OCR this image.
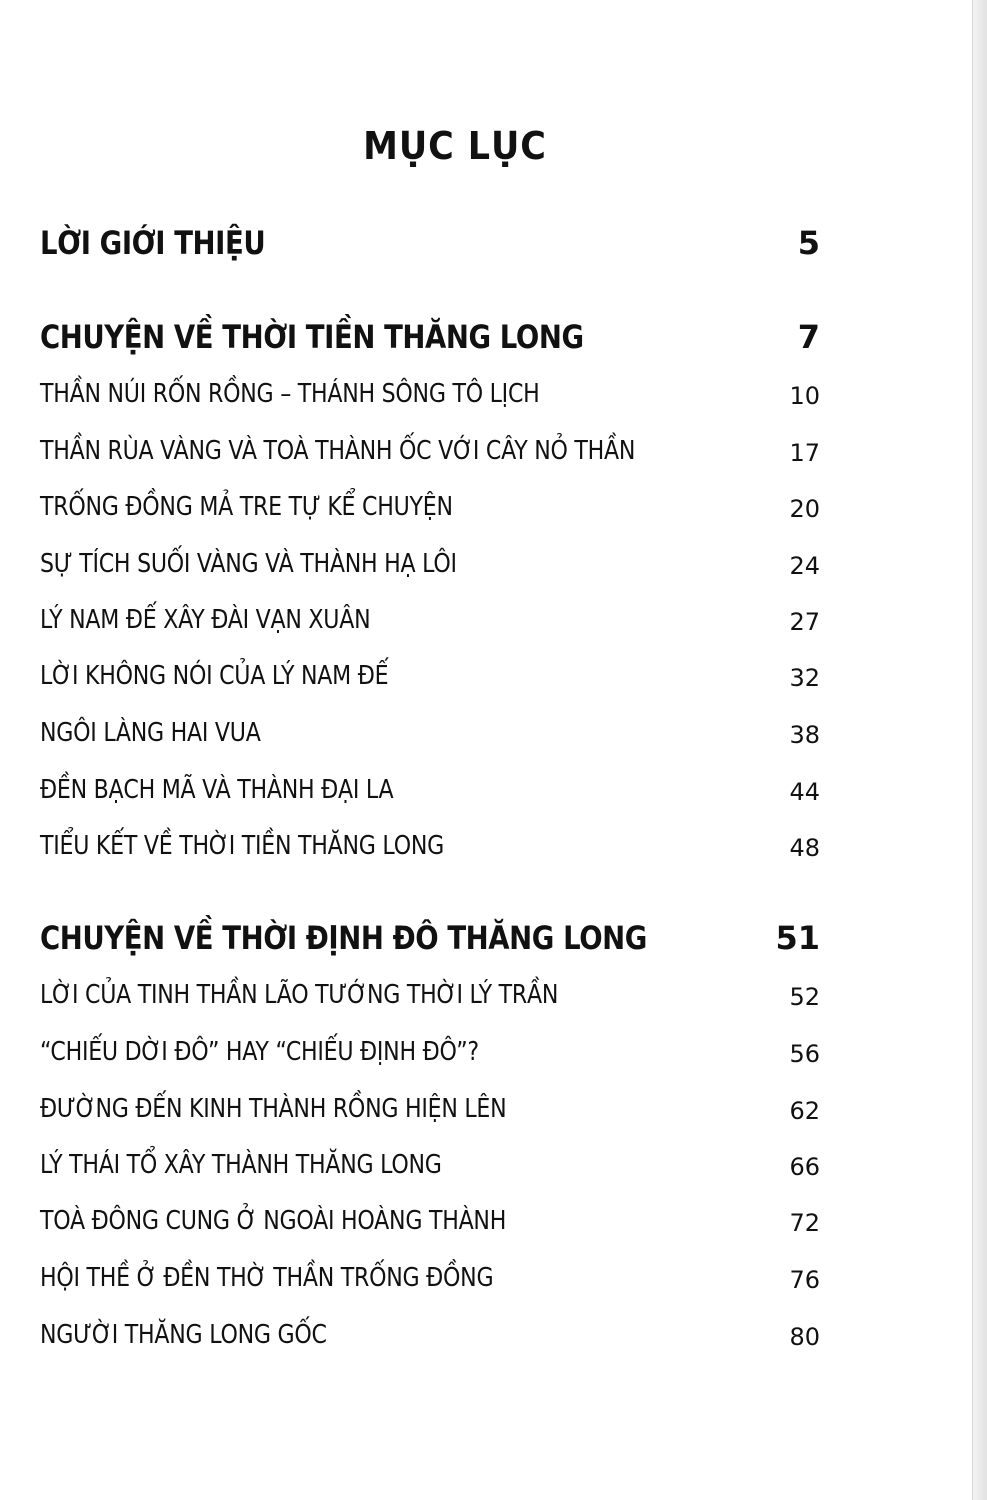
MỤC LỤC
LỜI GIỚI THIỆU	5
CHUYỆN VỀ THỜI TIỀN THĂNG LONG	7
THẦN NÚI RỐN RỒNG – THÁNH SÔNG TÔ LỊCH	10
THẦN RÙA VÀNG VÀ TOÀ THÀNH ỐC VỚI CÂY NỎ THẦN	17
TRỐNG ĐỒNG MẢ TRE TỰ KỂ CHUYỆN	20
SỰ TÍCH SUỐI VÀNG VÀ THÀNH HẠ LÔI	24
LÝ NAM ĐẾ XÂY ĐÀI VẠN XUÂN	27
LỜI KHÔNG NÓI CỦA LÝ NAM ĐẾ	32
NGÔI LÀNG HAI VUA	38
ĐỀN BẠCH MÃ VÀ THÀNH ĐẠI LA	44
TIỂU KẾT VỀ THỜI TIỀN THĂNG LONG	48
CHUYỆN VỀ THỜI ĐỊNH ĐÔ THĂNG LONG	51
LỜI CỦA TINH THẦN LÃO TƯỚNG THỜI LÝ TRẦN	52
“CHIẾU DỜI ĐÔ” HAY “CHIẾU ĐỊNH ĐÔ”?	56
ĐƯỜNG ĐẾN KINH THÀNH RỒNG HIỆN LÊN	62
LÝ THÁI TỔ XÂY THÀNH THĂNG LONG	66
TOÀ ĐÔNG CUNG Ở NGOÀI HOÀNG THÀNH	72
HỘI THỀ Ở ĐỀN THỜ THẦN TRỐNG ĐỒNG	76
NGƯỜI THĂNG LONG GỐC	80
